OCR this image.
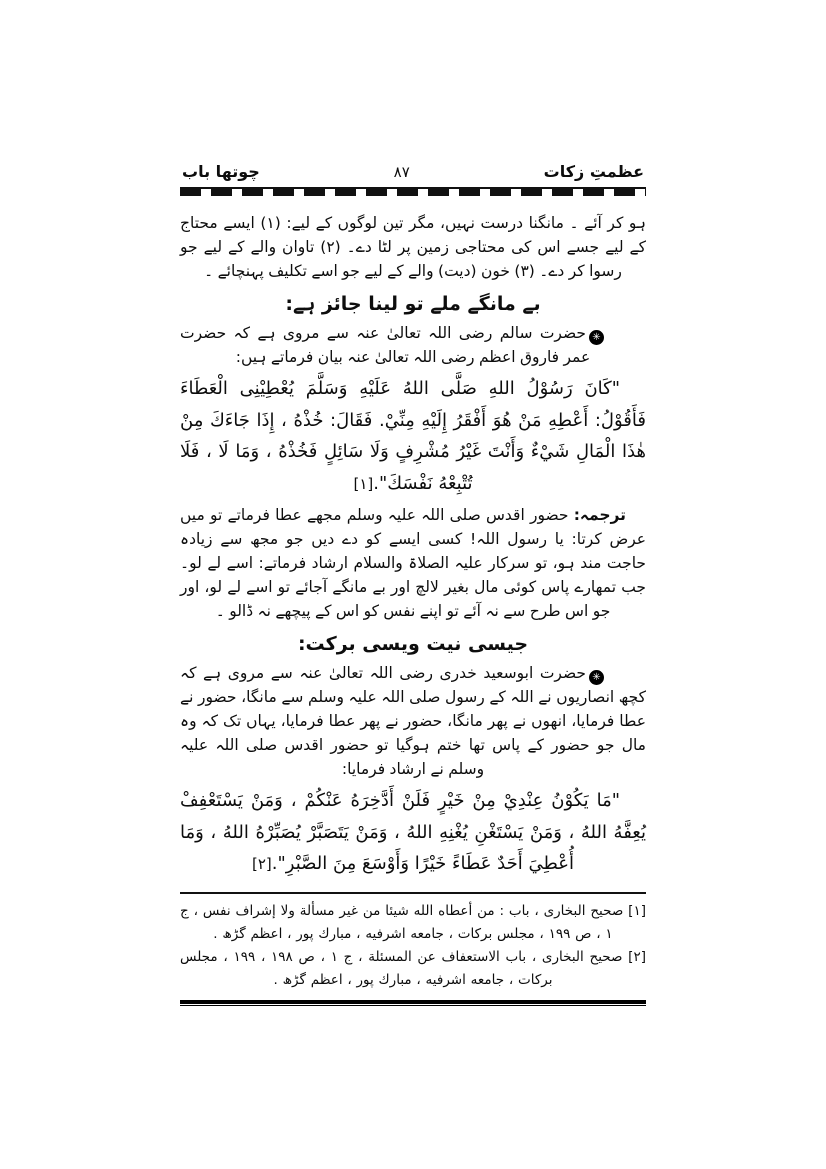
عظمتِ زکات
۸۷
چوتھا باب

ہو کر آئے ۔ مانگنا درست نہیں، مگر تین لوگوں کے لیے: (۱) ایسے محتاج کے لیے جسے اس کی محتاجی زمین پر لٹا دے۔ (۲) تاوان والے کے لیے جو رسوا کر دے۔ (۳) خون (دیت) والے کے لیے جو اسے تکلیف پہنچائے ۔

بے مانگے ملے تو لینا جائز ہے:

✳حضرت سالم رضی اللہ تعالیٰ عنہ سے مروی ہے کہ حضرت عمر فاروق اعظم رضی اللہ تعالیٰ عنہ بیان فرماتے ہیں:

"كَانَ رَسُوْلُ اللهِ صَلَّى اللهُ عَلَيْهِ وَسَلَّمَ يُعْطِيْنِى الْعَطَاءَ فَأَقُوْلُ: أَعْطِهِ مَنْ هُوَ أَفْقَرُ إِلَيْهِ مِنِّيْ. فَقَالَ: خُذْهُ ، إِذَا جَاءَكَ مِنْ هٰذَا الْمَالِ شَيْءٌ وَأَنْتَ غَيْرُ مُشْرِفٍ وَلَا سَائِلٍ فَخُذْهُ ، وَمَا لَا ، فَلَا تُتْبِعْهُ نَفْسَكَ".[۱]

ترجمہ: حضور اقدس صلی اللہ علیہ وسلم مجھے عطا فرماتے تو میں عرض کرتا: یا رسول اللہ! کسی ایسے کو دے دیں جو مجھ سے زیادہ حاجت مند ہو، تو سرکار علیہ الصلاۃ والسلام ارشاد فرماتے: اسے لے لو۔ جب تمھارے پاس کوئی مال بغیر لالچ اور بے مانگے آجائے تو اسے لے لو، اور جو اس طرح سے نہ آئے تو اپنے نفس کو اس کے پیچھے نہ ڈالو ۔

جیسی نیت ویسی برکت:

✳حضرت ابوسعید خدری رضی اللہ تعالیٰ عنہ سے مروی ہے کہ کچھ انصاریوں نے اللہ کے رسول صلی اللہ علیہ وسلم سے مانگا، حضور نے عطا فرمایا، انھوں نے پھر مانگا، حضور نے پھر عطا فرمایا، یہاں تک کہ وہ مال جو حضور کے پاس تھا ختم ہوگیا تو حضور اقدس صلی اللہ علیہ وسلم نے ارشاد فرمایا:

"مَا يَكُوْنُ عِنْدِيْ مِنْ خَيْرٍ فَلَنْ أَدَّخِرَهُ عَنْكُمْ ، وَمَنْ يَسْتَعْفِفْ يُعِفَّهُ اللهُ ، وَمَنْ يَسْتَغْنِ يُغْنِهِ اللهُ ، وَمَنْ يَتَصَبَّرْ يُصَبِّرْهُ اللهُ ، وَمَا أُعْطِيَ أَحَدٌ عَطَاءً خَيْرًا وَأَوْسَعَ مِنَ الصَّبْرِ".[۲]

[۱] صحيح البخارى ، باب : من أعطاه الله شيئا من غير مسألة ولا إشراف نفس ، ج ۱ ، ص ۱۹۹ ، مجلس بركات ، جامعه اشرفيه ، مبارك پور ، اعظم گڑھ .

[۲] صحيح البخارى ، باب الاستعفاف عن المسئلة ، ج ۱ ، ص ۱۹۸ ، ۱۹۹ ، مجلس بركات ، جامعه اشرفيه ، مبارك پور ، اعظم گڑھ .
